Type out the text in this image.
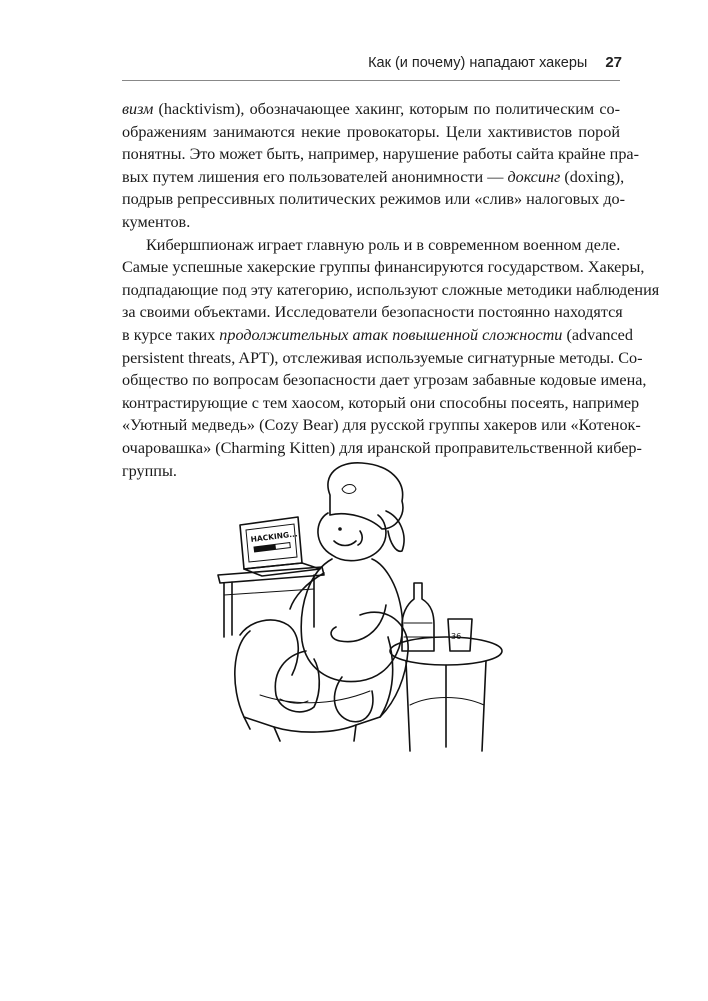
Как (и почему) нападают хакеры 27

визм (hacktivism), обозначающее хакинг, которым по политическим со-
ображениям занимаются некие провокаторы. Цели хактивистов порой
понятны. Это может быть, например, нарушение работы сайта крайне пра-
вых путем лишения его пользователей анонимности — доксинг (doxing),
подрыв репрессивных политических режимов или «слив» налоговых до-
кументов.

Кибершпионаж играет главную роль и в современном военном деле.
Самые успешные хакерские группы финансируются государством. Хакеры,
подпадающие под эту категорию, используют сложные методики наблюдения
за своими объектами. Исследователи безопасности постоянно находятся
в курсе таких продолжительных атак повышенной сложности (advanced
persistent threats, APT), отслеживая используемые сигнатурные методы. Со-
общество по вопросам безопасности дает угрозам забавные кодовые имена,
контрастирующие с тем хаосом, который они способны посеять, например
«Уютный медведь» (Cozy Bear) для русской группы хакеров или «Котенок-
очаровашка» (Charming Kitten) для иранской проправительственной кибер-
группы.

HACKING...
3̶6
